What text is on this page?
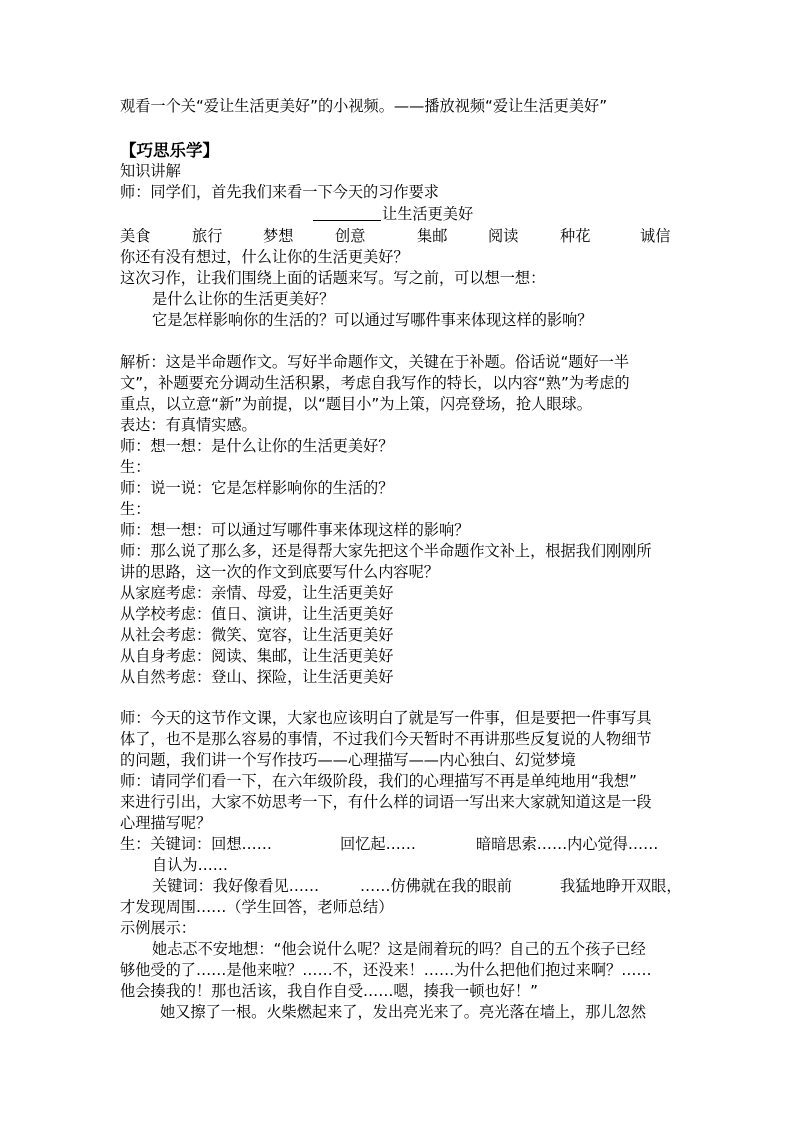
观看一个关“爱让生活更美好”的小视频。——播放视频“爱让生活更美好”
【巧思乐学】
知识讲解
师：同学们，首先我们来看一下今天的习作要求
让生活更美好
美食	旅行	梦想	创意	集邮	阅读	种花	诚信
你还有没有想过，什么让你的生活更美好？
这次习作，让我们围绕上面的话题来写。写之前，可以想一想：
是什么让你的生活更美好？
它是怎样影响你的生活的？可以通过写哪件事来体现这样的影响？
解析：这是半命题作文。写好半命题作文，关键在于补题。俗话说“题好一半
文”，补题要充分调动生活积累，考虑自我写作的特长，以内容“熟”为考虑的
重点，以立意“新”为前提，以“题目小”为上策，闪亮登场，抢人眼球。
表达：有真情实感。
师：想一想：是什么让你的生活更美好？
生：
师：说一说：它是怎样影响你的生活的？
生：
师：想一想：可以通过写哪件事来体现这样的影响？
师：那么说了那么多，还是得帮大家先把这个半命题作文补上，根据我们刚刚所
讲的思路，这一次的作文到底要写什么内容呢？
从家庭考虑：亲情、母爱，让生活更美好
从学校考虑：值日、演讲，让生活更美好
从社会考虑：微笑、宽容，让生活更美好
从自身考虑：阅读、集邮，让生活更美好
从自然考虑：登山、探险，让生活更美好
师：今天的这节作文课，大家也应该明白了就是写一件事，但是要把一件事写具
体了，也不是那么容易的事情，不过我们今天暂时不再讲那些反复说的人物细节
的问题，我们讲一个写作技巧——心理描写——内心独白、幻觉梦境
师：请同学们看一下，在六年级阶段，我们的心理描写不再是单纯地用“我想”
来进行引出，大家不妨思考一下，有什么样的词语一写出来大家就知道这是一段
心理描写呢？
生：关键词：回想……	回忆起……	暗暗思索……内心觉得……
自认为……
关键词：我好像看见……	……仿佛就在我的眼前	我猛地睁开双眼，
才发现周围……（学生回答，老师总结）
示例展示：
她忐忑不安地想：“他会说什么呢？这是闹着玩的吗？自己的五个孩子已经
够他受的了……是他来啦？……不，还没来！……为什么把他们抱过来啊？……
他会揍我的！那也活该，我自作自受……嗯，揍我一顿也好！”
她又擦了一根。火柴燃起来了，发出亮光来了。亮光落在墙上，那儿忽然
